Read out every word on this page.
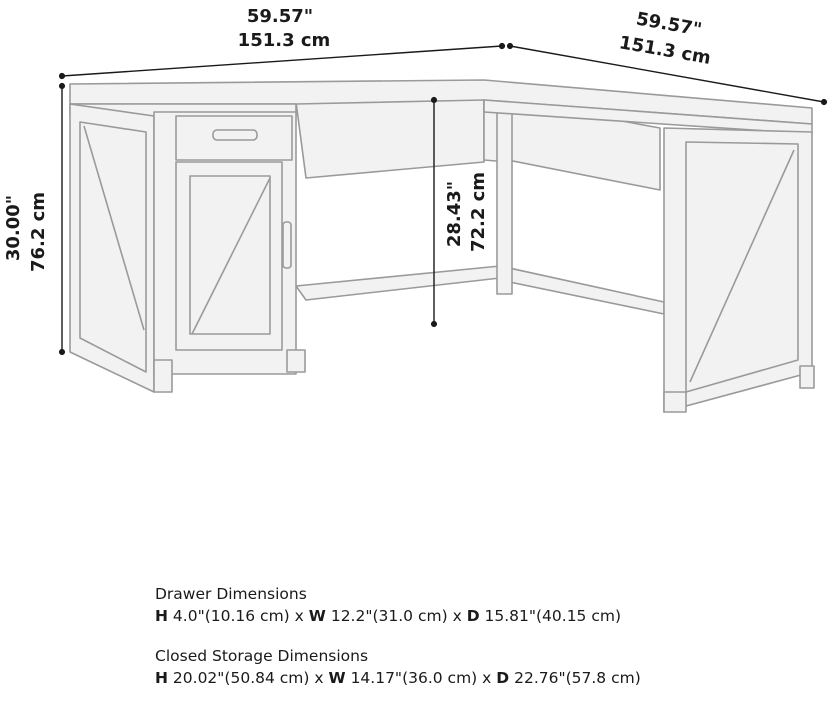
59.57"
151.3 cm	59.57"
151.3 cm
30.00" 76.2 cm	28.43" 72.2 cm
Drawer Dimensions
H 4.0"(10.16 cm) x W 12.2"(31.0 cm) x D 15.81"(40.15 cm)
Closed Storage Dimensions
H 20.02"(50.84 cm) x W 14.17"(36.0 cm) x D 22.76"(57.8 cm)
